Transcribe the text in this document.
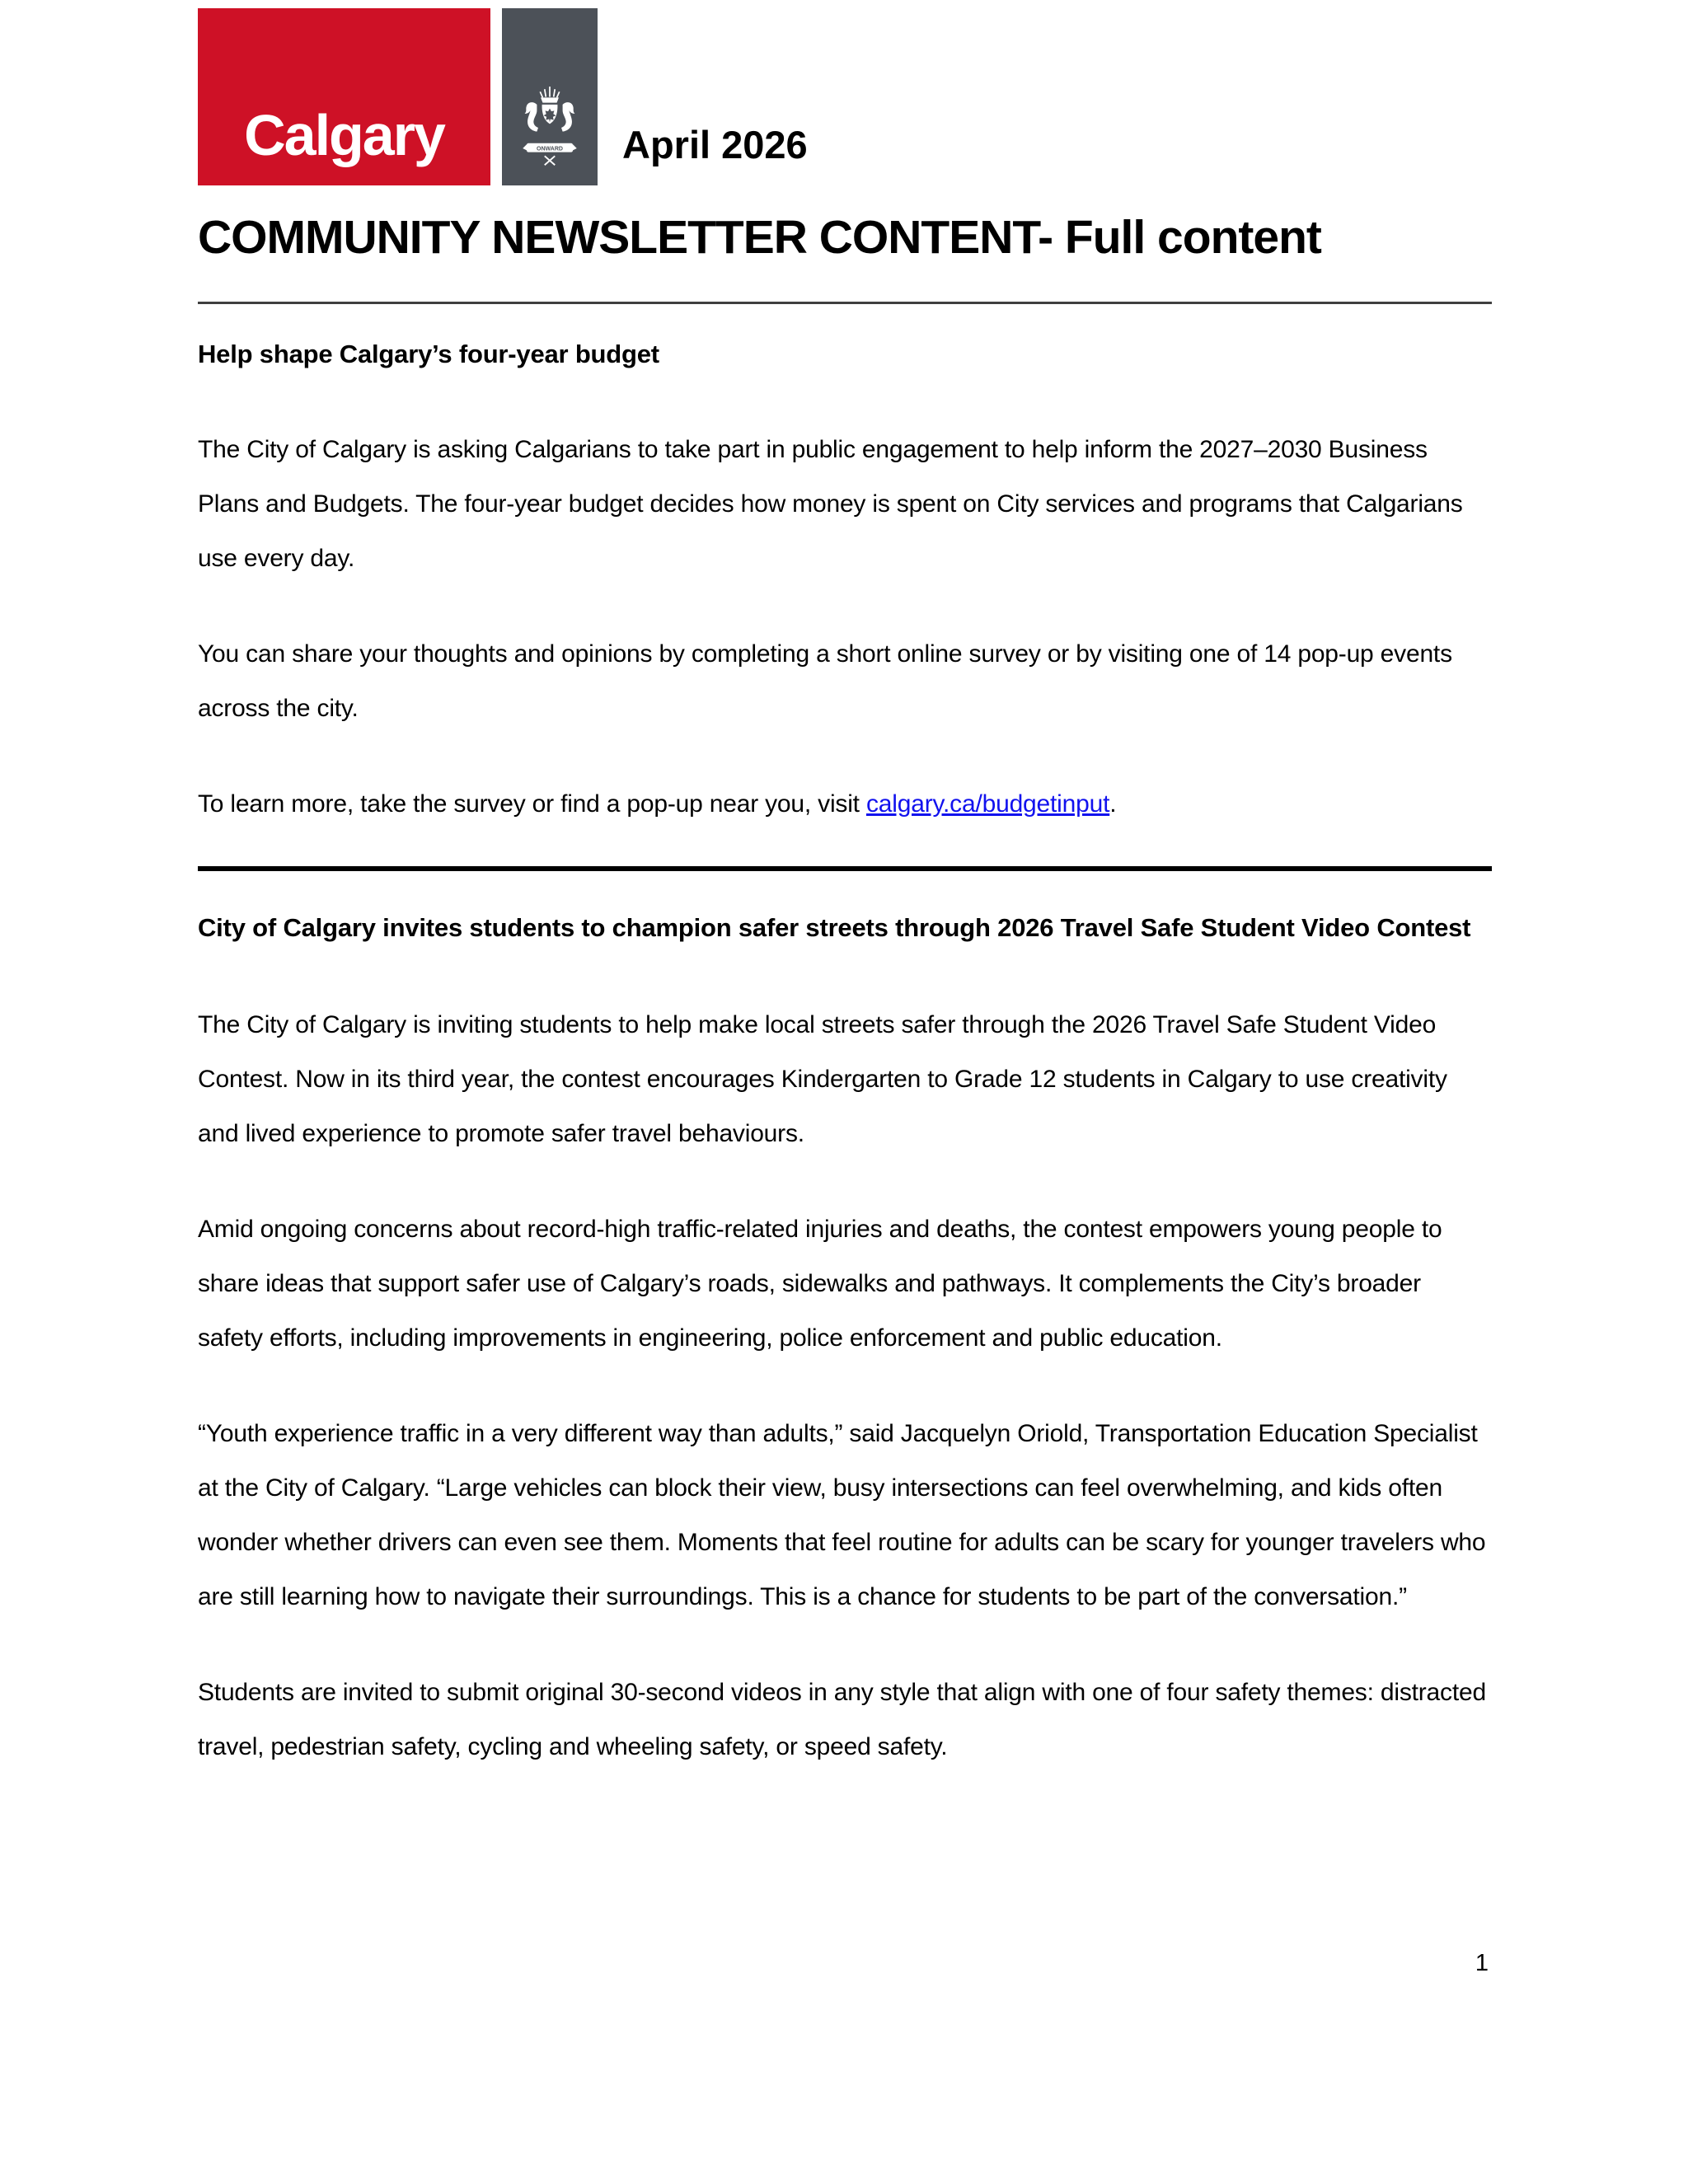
Calgary	ONWARD April 2026
COMMUNITY NEWSLETTER CONTENT- Full content
Help shape Calgary’s four-year budget

The City of Calgary is asking Calgarians to take part in public engagement to help inform the 2027–2030 Business Plans and Budgets. The four-year budget decides how money is spent on City services and programs that Calgarians use every day.

You can share your thoughts and opinions by completing a short online survey or by visiting one of 14 pop-up events across the city.

To learn more, take the survey or find a pop-up near you, visit calgary.ca/budgetinput.

City of Calgary invites students to champion safer streets through 2026 Travel Safe Student Video Contest

The City of Calgary is inviting students to help make local streets safer through the 2026 Travel Safe Student Video Contest. Now in its third year, the contest encourages Kindergarten to Grade 12 students in Calgary to use creativity and lived experience to promote safer travel behaviours.

Amid ongoing concerns about record-high traffic-related injuries and deaths, the contest empowers young people to share ideas that support safer use of Calgary’s roads, sidewalks and pathways. It complements the City’s broader safety efforts, including improvements in engineering, police enforcement and public education.

“Youth experience traffic in a very different way than adults,” said Jacquelyn Oriold, Transportation Education Specialist at the City of Calgary. “Large vehicles can block their view, busy intersections can feel overwhelming, and kids often wonder whether drivers can even see them. Moments that feel routine for adults can be scary for younger travelers who are still learning how to navigate their surroundings. This is a chance for students to be part of the conversation.”

Students are invited to submit original 30-second videos in any style that align with one of four safety themes: distracted travel, pedestrian safety, cycling and wheeling safety, or speed safety.

1
